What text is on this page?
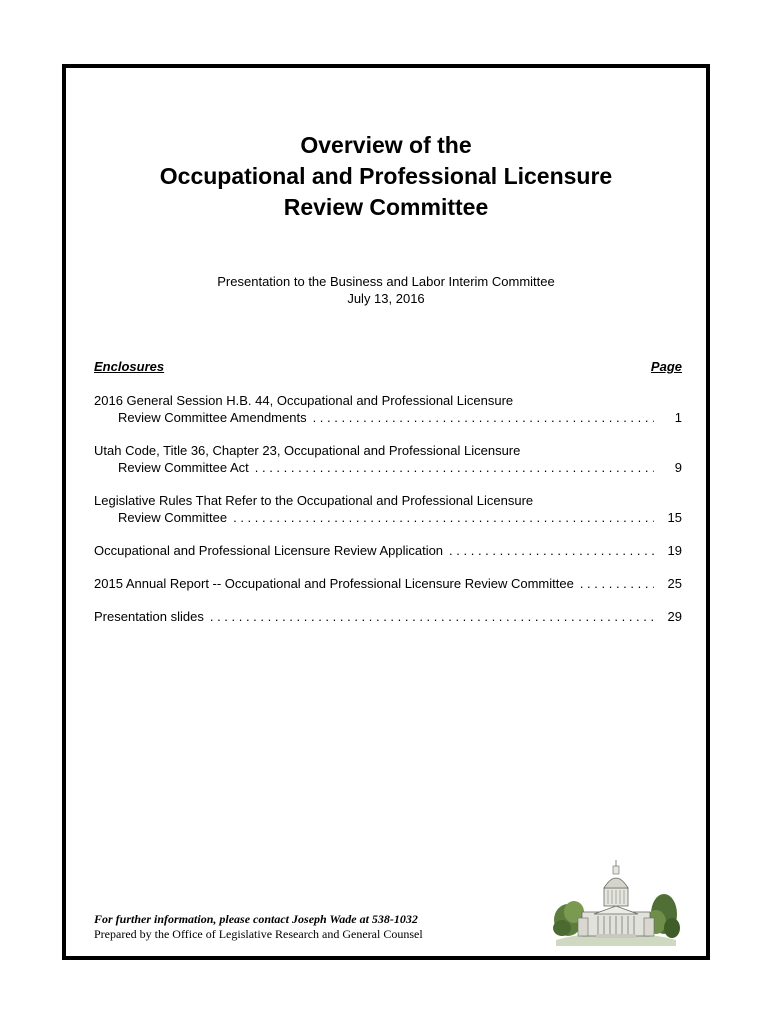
Overview of the
Occupational and Professional Licensure
Review Committee
Presentation to the Business and Labor Interim Committee
July 13, 2016
Enclosures	Page
2016 General Session H.B. 44, Occupational and Professional Licensure
Review Committee Amendments . . .	1
Utah Code, Title 36, Chapter 23, Occupational and Professional Licensure
Review Committee Act . . .	9
Legislative Rules That Refer to the Occupational and Professional Licensure
Review Committee . . .	15
Occupational and Professional Licensure Review Application . . .	19
2015 Annual Report -- Occupational and Professional Licensure Review Committee . . .	25
Presentation slides . . .	29
For further information, please contact Joseph Wade at 538-1032
Prepared by the Office of Legislative Research and General Counsel
